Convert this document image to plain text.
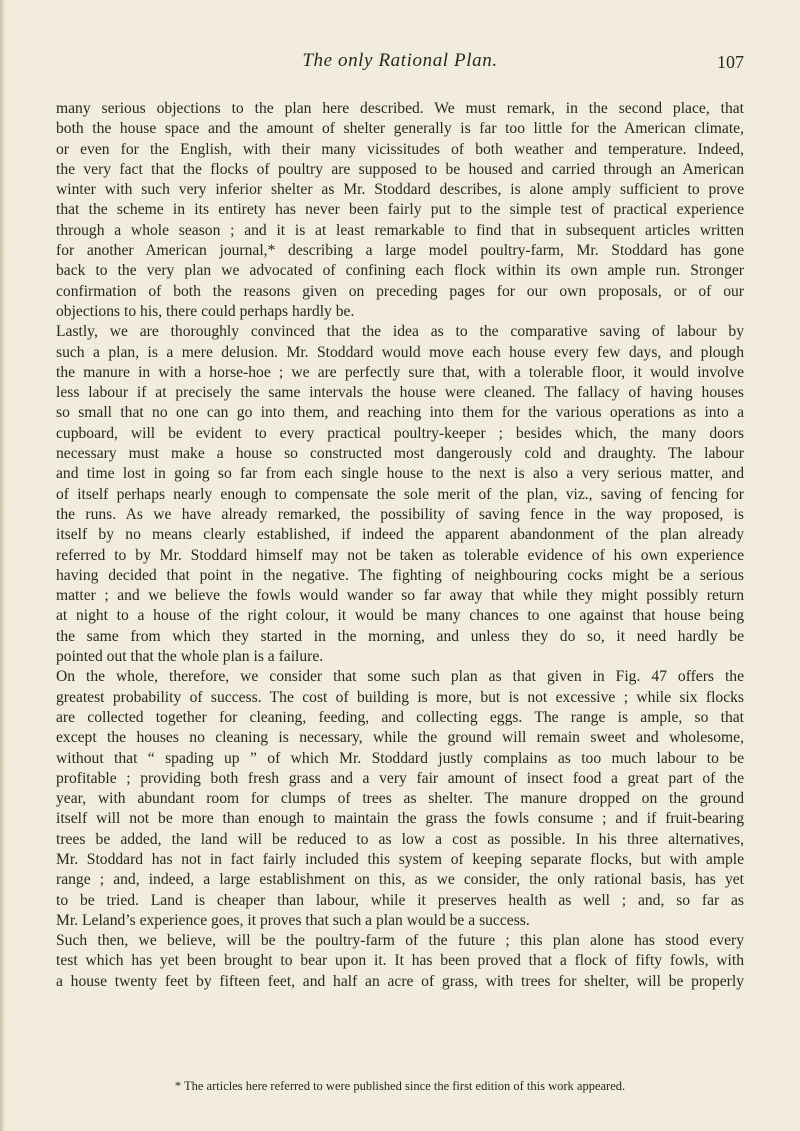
The only Rational Plan.	107
many serious objections to the plan here described. We must remark, in the second place, that
both the house space and the amount of shelter generally is far too little for the American climate,
or even for the English, with their many vicissitudes of both weather and temperature. Indeed,
the very fact that the flocks of poultry are supposed to be housed and carried through an American
winter with such very inferior shelter as Mr. Stoddard describes, is alone amply sufficient to prove
that the scheme in its entirety has never been fairly put to the simple test of practical experience
through a whole season ; and it is at least remarkable to find that in subsequent articles written
for another American journal,* describing a large model poultry-farm, Mr. Stoddard has gone
back to the very plan we advocated of confining each flock within its own ample run. Stronger
confirmation of both the reasons given on preceding pages for our own proposals, or of our
objections to his, there could perhaps hardly be.
Lastly, we are thoroughly convinced that the idea as to the comparative saving of labour by
such a plan, is a mere delusion. Mr. Stoddard would move each house every few days, and plough
the manure in with a horse-hoe ; we are perfectly sure that, with a tolerable floor, it would involve
less labour if at precisely the same intervals the house were cleaned. The fallacy of having houses
so small that no one can go into them, and reaching into them for the various operations as into a
cupboard, will be evident to every practical poultry-keeper ; besides which, the many doors
necessary must make a house so constructed most dangerously cold and draughty. The labour
and time lost in going so far from each single house to the next is also a very serious matter, and
of itself perhaps nearly enough to compensate the sole merit of the plan, viz., saving of fencing for
the runs. As we have already remarked, the possibility of saving fence in the way proposed, is
itself by no means clearly established, if indeed the apparent abandonment of the plan already
referred to by Mr. Stoddard himself may not be taken as tolerable evidence of his own experience
having decided that point in the negative. The fighting of neighbouring cocks might be a serious
matter ; and we believe the fowls would wander so far away that while they might possibly return
at night to a house of the right colour, it would be many chances to one against that house being
the same from which they started in the morning, and unless they do so, it need hardly be
pointed out that the whole plan is a failure.
On the whole, therefore, we consider that some such plan as that given in Fig. 47 offers the
greatest probability of success. The cost of building is more, but is not excessive ; while six flocks
are collected together for cleaning, feeding, and collecting eggs. The range is ample, so that
except the houses no cleaning is necessary, while the ground will remain sweet and wholesome,
without that “ spading up ” of which Mr. Stoddard justly complains as too much labour to be
profitable ; providing both fresh grass and a very fair amount of insect food a great part of the
year, with abundant room for clumps of trees as shelter. The manure dropped on the ground
itself will not be more than enough to maintain the grass the fowls consume ; and if fruit-bearing
trees be added, the land will be reduced to as low a cost as possible. In his three alternatives,
Mr. Stoddard has not in fact fairly included this system of keeping separate flocks, but with ample
range ; and, indeed, a large establishment on this, as we consider, the only rational basis, has yet
to be tried. Land is cheaper than labour, while it preserves health as well ; and, so far as
Mr. Leland’s experience goes, it proves that such a plan would be a success.
Such then, we believe, will be the poultry-farm of the future ; this plan alone has stood every
test which has yet been brought to bear upon it. It has been proved that a flock of fifty fowls, with
a house twenty feet by fifteen feet, and half an acre of grass, with trees for shelter, will be properly
* The articles here referred to were published since the first edition of this work appeared.
